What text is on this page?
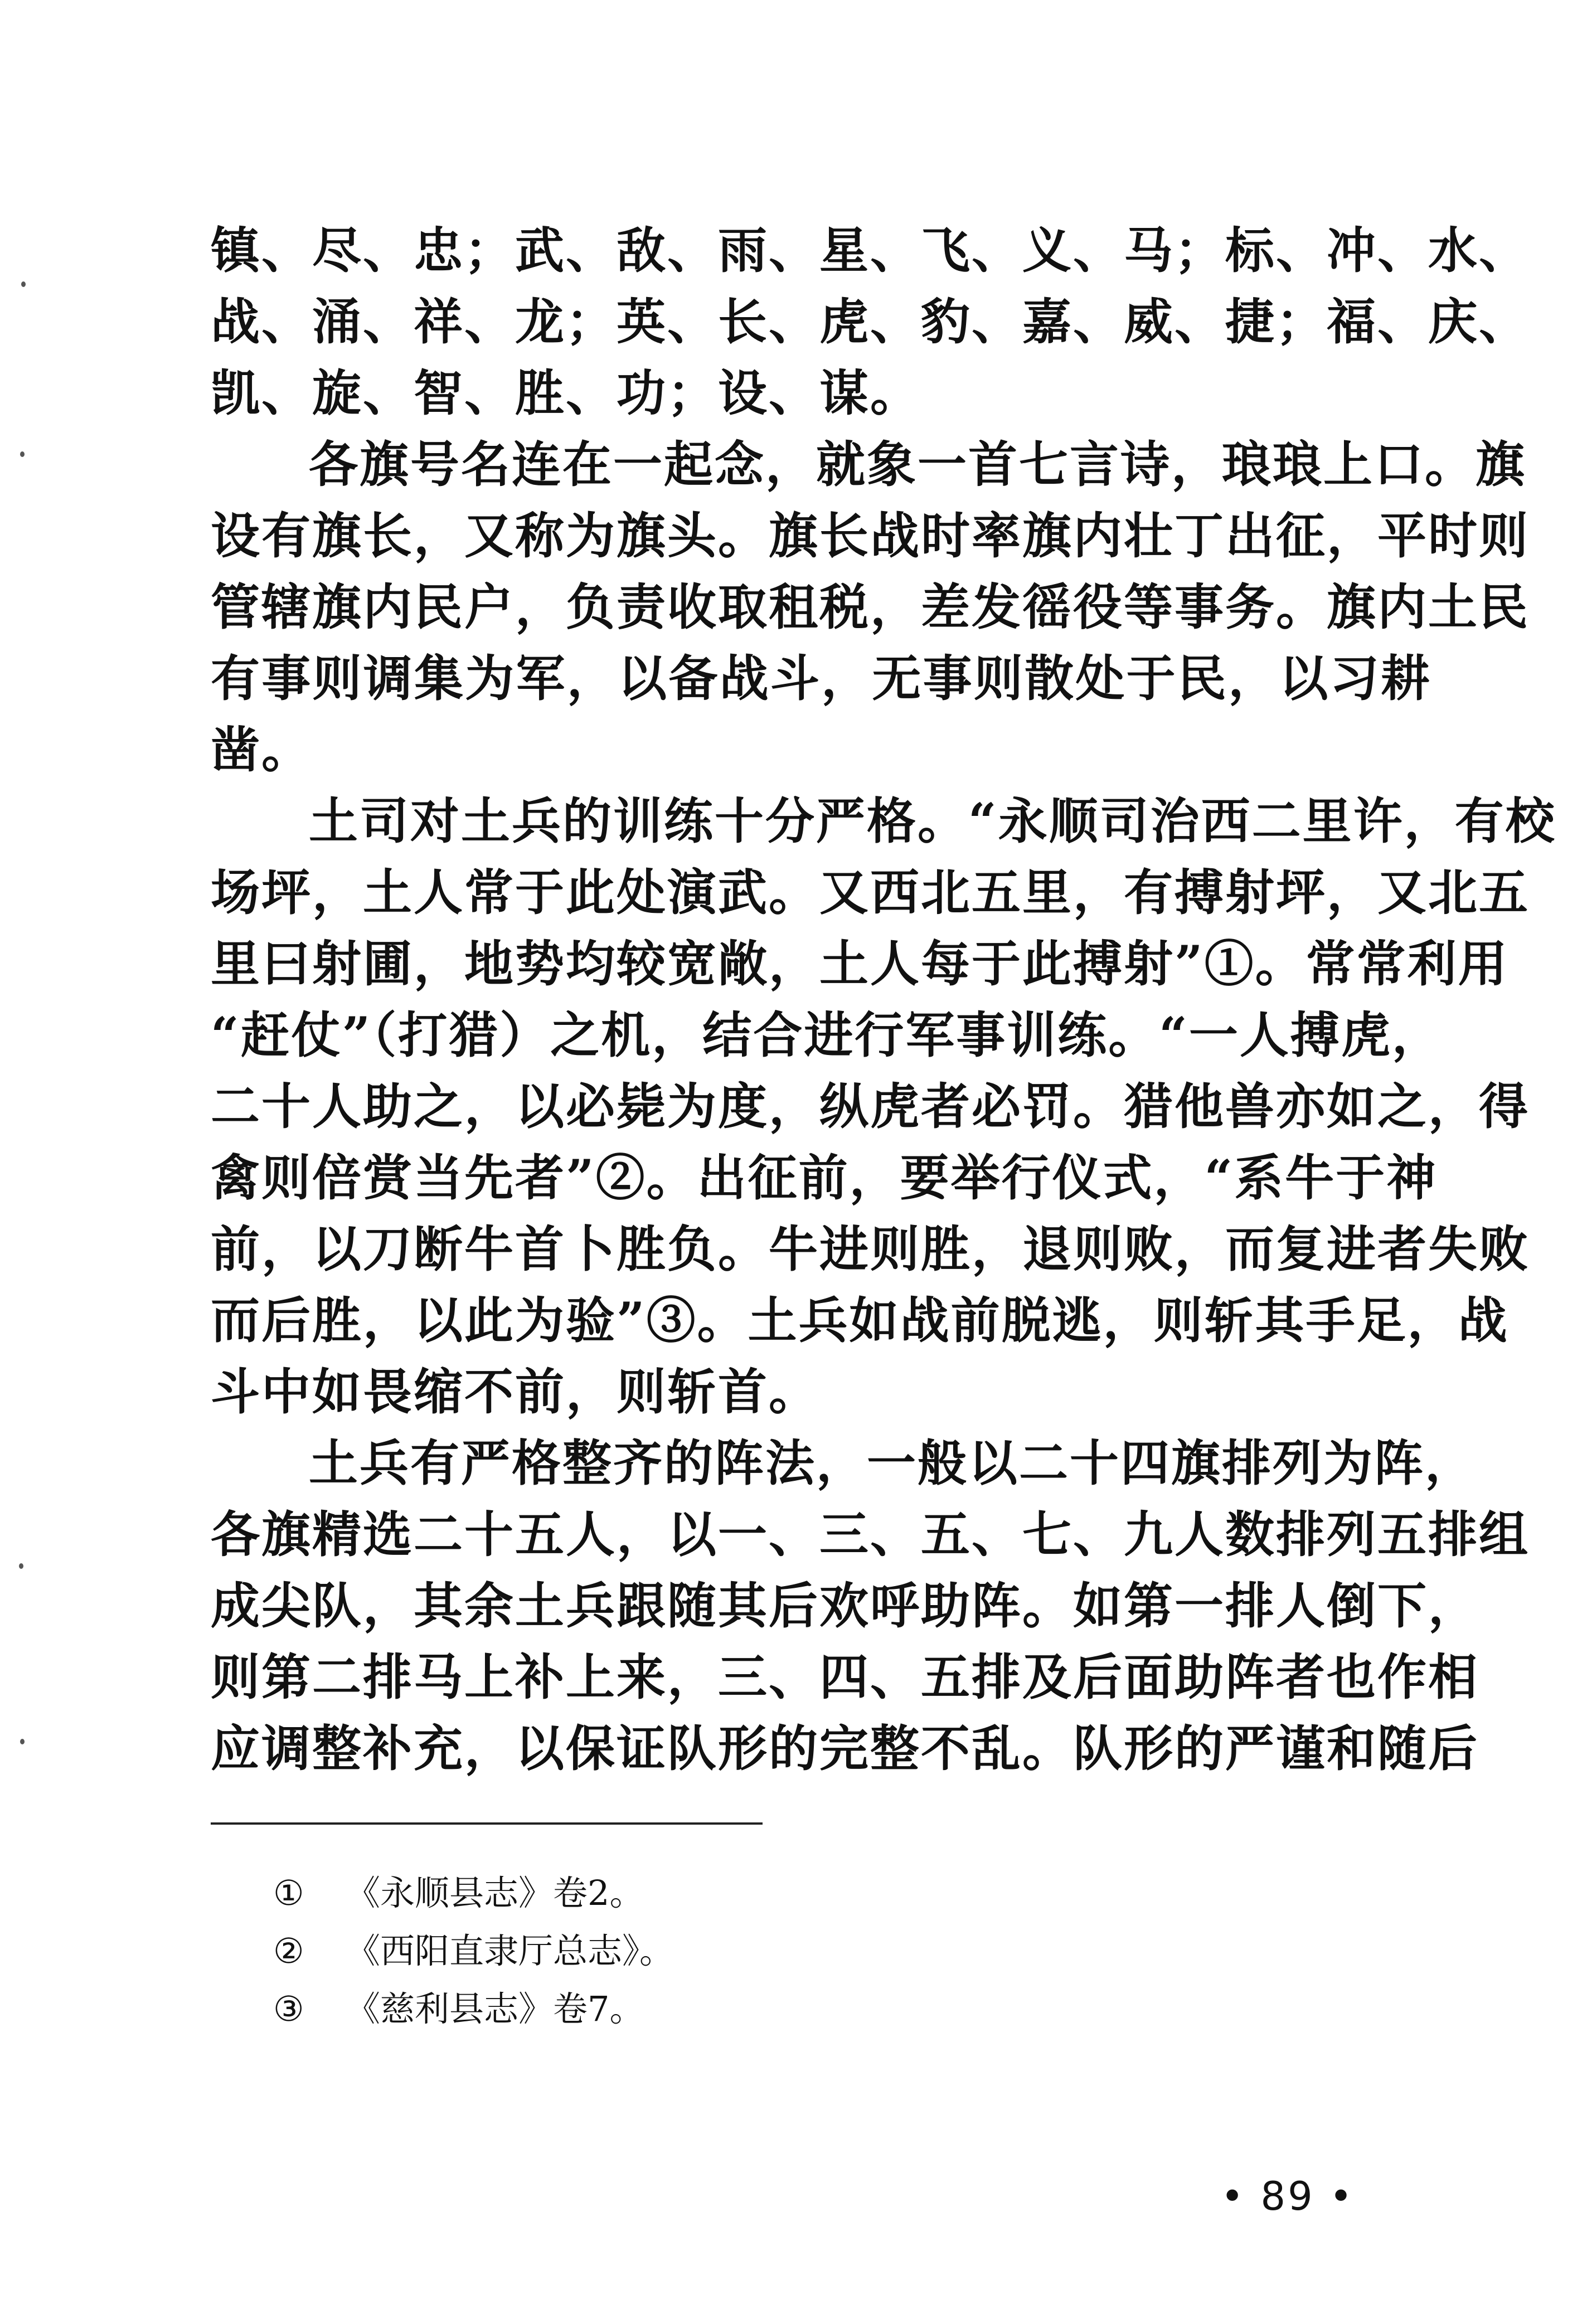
镇、尽、忠；武、敌、雨、星、飞、义、马；标、冲、水、
战、涌、祥、龙；英、长、虎、豹、嘉、威、捷；福、庆、
凯、旋、智、胜、功；设、谋。
各旗号名连在一起念，就象一首七言诗，琅琅上口。旗
设有旗长，又称为旗头。旗长战时率旗内壮丁出征，平时则
管辖旗内民户，负责收取租税，差发徭役等事务。旗内土民
有事则调集为军，以备战斗，无事则散处于民，以习耕
凿。
土司对土兵的训练十分严格。“永顺司治西二里许，有校
场坪，土人常于此处演武。又西北五里，有搏射坪，又北五
里曰射圃，地势均较宽敞，土人每于此搏射”①。常常利用
“赶仗”（打猎）之机，结合进行军事训练。“一人搏虎，
二十人助之，以必毙为度，纵虎者必罚。猎他兽亦如之，得
禽则倍赏当先者”②。出征前，要举行仪式，“系牛于神
前，以刀断牛首卜胜负。牛进则胜，退则败，而复进者失败
而后胜，以此为验”③。土兵如战前脱逃，则斩其手足，战
斗中如畏缩不前，则斩首。
土兵有严格整齐的阵法，一般以二十四旗排列为阵，
各旗精选二十五人，以一、三、五、七、九人数排列五排组
成尖队，其余土兵跟随其后欢呼助阵。如第一排人倒下，
则第二排马上补上来，三、四、五排及后面助阵者也作相
应调整补充，以保证队形的完整不乱。队形的严谨和随后
① 《永顺县志》卷2。
② 《西阳直隶厅总志》。
③ 《慈利县志》卷7。
• 89 •
